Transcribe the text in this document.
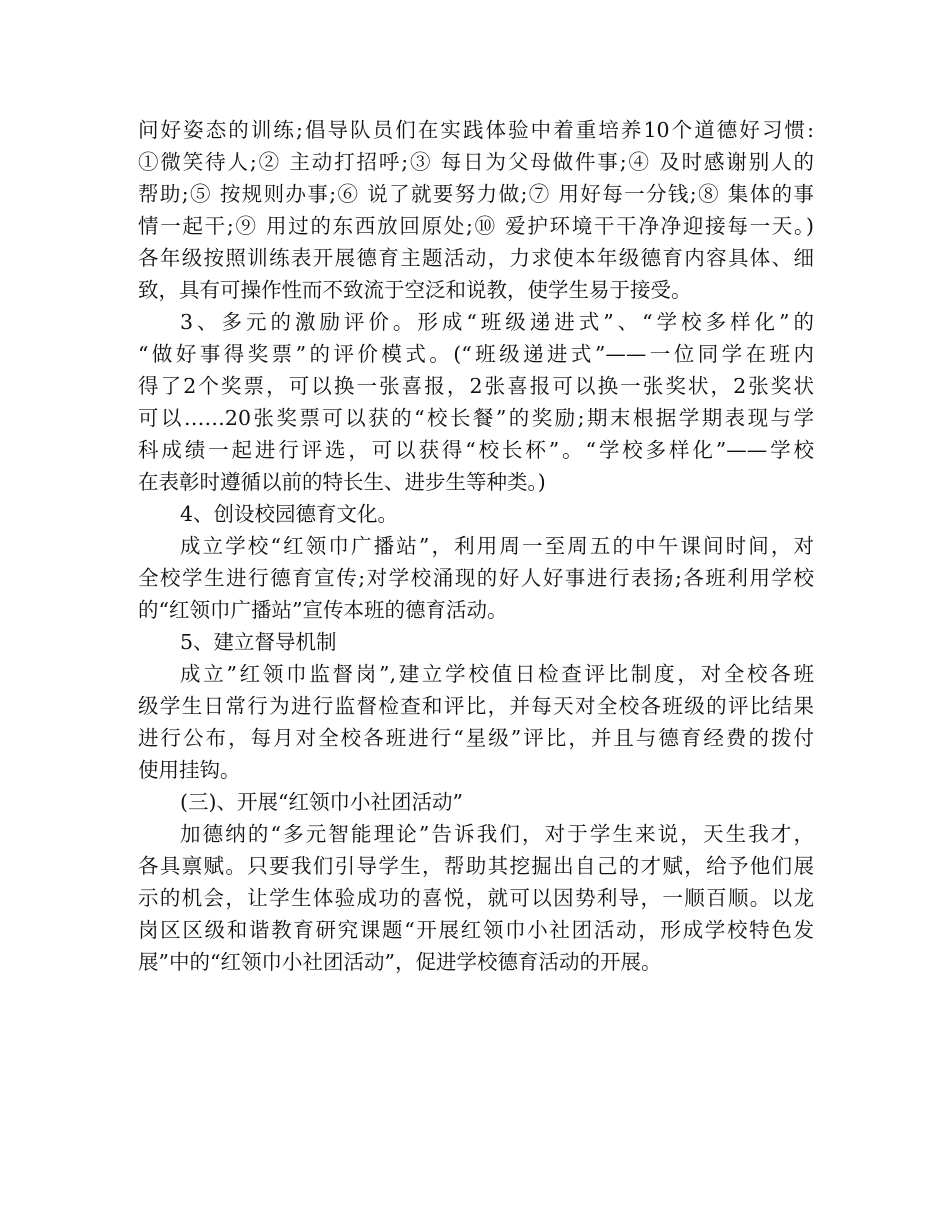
问好姿态的训练;倡导队员们在实践体验中着重培养10个道德好习惯:
①微笑待人;② 主动打招呼;③ 每日为父母做件事;④ 及时感谢别人的
帮助;⑤ 按规则办事;⑥ 说了就要努力做;⑦ 用好每一分钱;⑧ 集体的事
情一起干;⑨ 用过的东西放回原处;⑩ 爱护环境干干净净迎接每一天。)
各年级按照训练表开展德育主题活动，力求使本年级德育内容具体、细
致，具有可操作性而不致流于空泛和说教，使学生易于接受。
3、多元的激励评价。形成“班级递进式”、“学校多样化”的
“做好事得奖票”的评价模式。(“班级递进式”——一位同学在班内
得了2个奖票，可以换一张喜报，2张喜报可以换一张奖状，2张奖状
可以……20张奖票可以获的“校长餐”的奖励;期末根据学期表现与学
科成绩一起进行评选，可以获得“校长杯”。“学校多样化”——学校
在表彰时遵循以前的特长生、进步生等种类。)
4、创设校园德育文化。
成立学校“红领巾广播站”，利用周一至周五的中午课间时间，对
全校学生进行德育宣传;对学校涌现的好人好事进行表扬;各班利用学校
的“红领巾广播站”宣传本班的德育活动。
5、建立督导机制
成立”红领巾监督岗”,建立学校值日检查评比制度，对全校各班
级学生日常行为进行监督检查和评比，并每天对全校各班级的评比结果
进行公布，每月对全校各班进行“星级”评比，并且与德育经费的拨付
使用挂钩。
(三)、开展“红领巾小社团活动”
加德纳的“多元智能理论”告诉我们，对于学生来说，天生我才，
各具禀赋。只要我们引导学生，帮助其挖掘出自己的才赋，给予他们展
示的机会，让学生体验成功的喜悦，就可以因势利导，一顺百顺。以龙
岗区区级和谐教育研究课题“开展红领巾小社团活动，形成学校特色发
展”中的“红领巾小社团活动”，促进学校德育活动的开展。
